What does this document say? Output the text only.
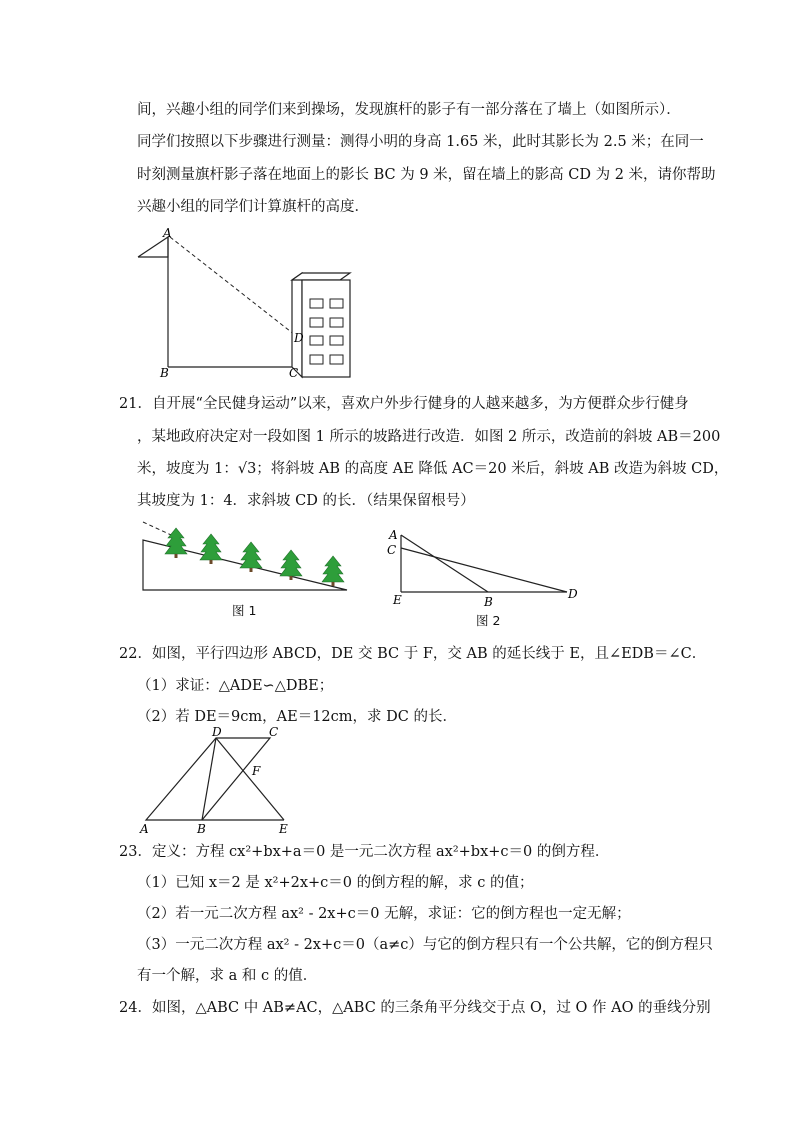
间，兴趣小组的同学们来到操场，发现旗杆的影子有一部分落在了墙上（如图所示）．
同学们按照以下步骤进行测量：测得小明的身高 1.65 米，此时其影长为 2.5 米；在同一
时刻测量旗杆影子落在地面上的影长 BC 为 9 米，留在墙上的影高 CD 为 2 米，请你帮助
兴趣小组的同学们计算旗杆的高度．
A
B	C
D
21．自开展“全民健身运动”以来，喜欢户外步行健身的人越来越多，为方便群众步行健身
，某地政府决定对一段如图 1 所示的坡路进行改造．如图 2 所示，改造前的斜坡 AB＝200
米，坡度为 1：√3；将斜坡 AB 的高度 AE 降低 AC＝20 米后，斜坡 AB 改造为斜坡 CD，
其坡度为 1：4．求斜坡 CD 的长．（结果保留根号）
图 1
A
C
E	B
D
图 2
22．如图，平行四边形 ABCD，DE 交 BC 于 F，交 AB 的延长线于 E，且∠EDB＝∠C．
（1）求证：△ADE∽△DBE；
（2）若 DE＝9cm，AE＝12cm，求 DC 的长．
D	C
F
A	B	E
23．定义：方程 cx²+bx+a＝0 是一元二次方程 ax²+bx+c＝0 的倒方程．
（1）已知 x＝2 是 x²+2x+c＝0 的倒方程的解，求 c 的值；
（2）若一元二次方程 ax² - 2x+c＝0 无解，求证：它的倒方程也一定无解；
（3）一元二次方程 ax² - 2x+c＝0（a≠c）与它的倒方程只有一个公共解，它的倒方程只
有一个解，求 a 和 c 的值．
24．如图，△ABC 中 AB≠AC，△ABC 的三条角平分线交于点 O，过 O 作 AO 的垂线分别
